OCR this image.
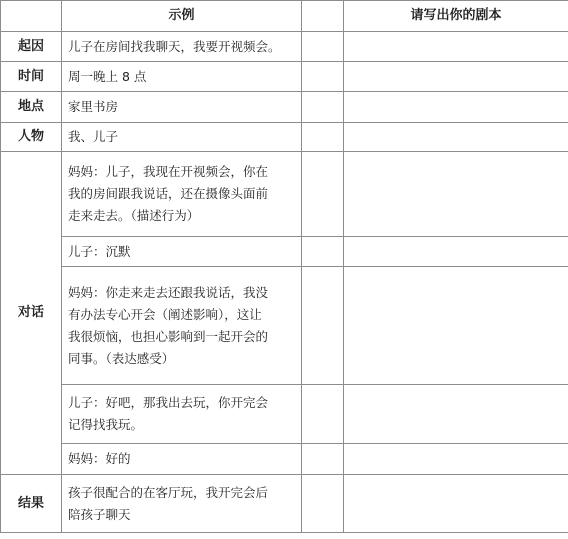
	示例		请写出你的剧本
起因	儿子在房间找我聊天，我要开视频会。		
时间	周一晚上 8 点		
地点	家里书房		
人物	我、儿子		
对话	妈妈：儿子，我现在开视频会，你在
我的房间跟我说话，还在摄像头面前
走来走去。（描述行为）		
	儿子：沉默		
	妈妈：你走来走去还跟我说话，我没
有办法专心开会（阐述影响），这让
我很烦恼，也担心影响到一起开会的
同事。（表达感受）		
	儿子：好吧，那我出去玩，你开完会
记得找我玩。		
	妈妈：好的		
结果	孩子很配合的在客厅玩，我开完会后
陪孩子聊天		
